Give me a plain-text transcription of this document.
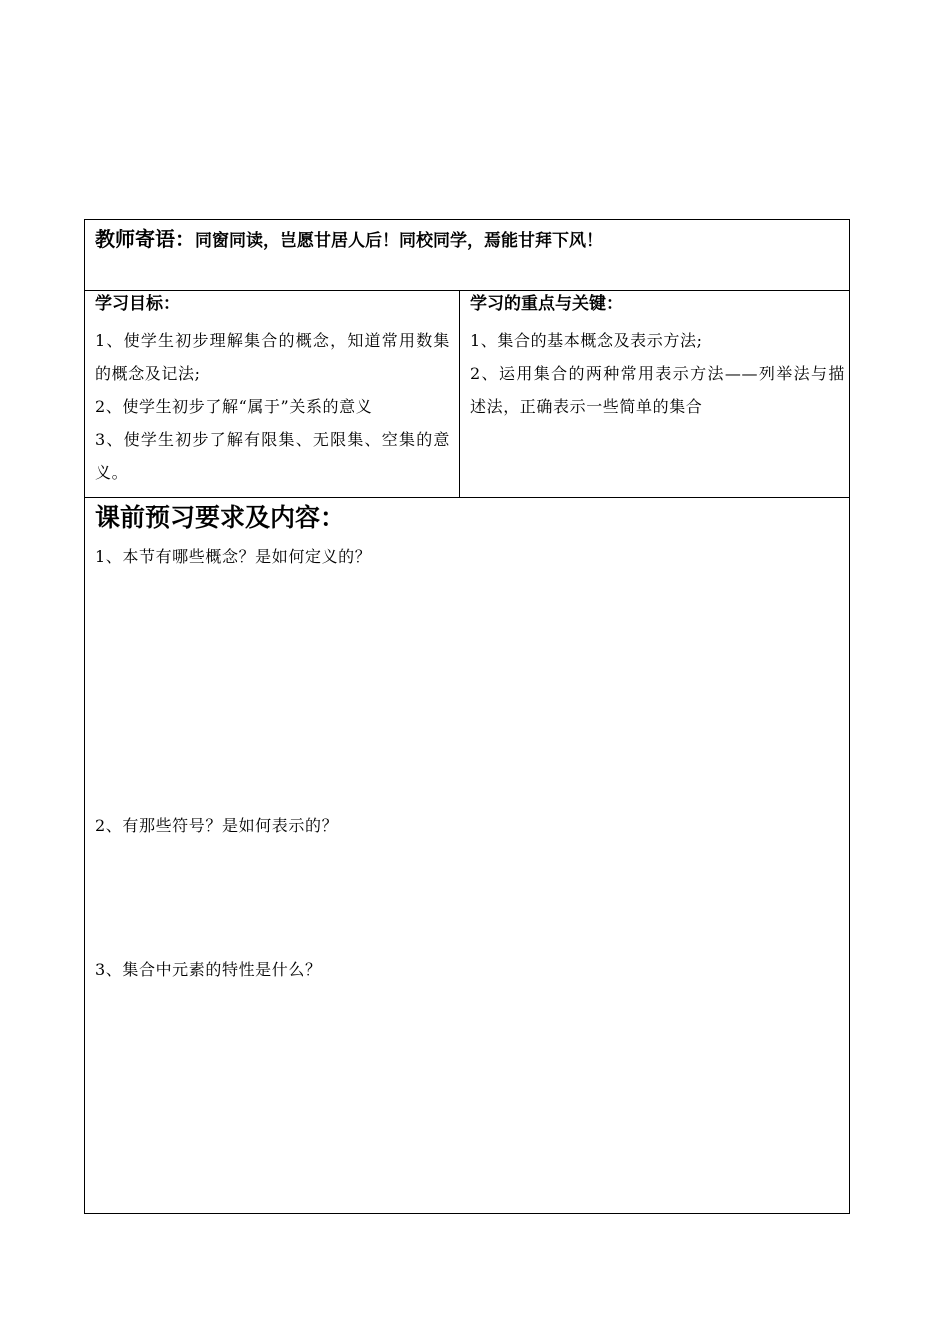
教师寄语：同窗同读，岂愿甘居人后！同校同学，焉能甘拜下风！
学习目标：

1、使学生初步理解集合的概念，知道常用数集的概念及记法;

2、使学生初步了解“属于”关系的意义

3、使学生初步了解有限集、无限集、空集的意义。

学习的重点与关键：

1、集合的基本概念及表示方法;

2、运用集合的两种常用表示方法——列举法与描述法，正确表示一些简单的集合

课前预习要求及内容：
1、本节有哪些概念？是如何定义的？
2、有那些符号？是如何表示的？
3、集合中元素的特性是什么？
